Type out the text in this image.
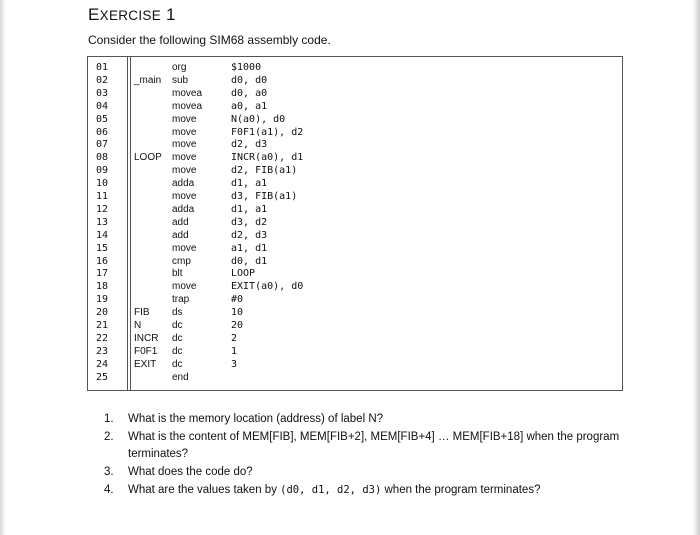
EXERCISE 1
Consider the following SIM68 assembly code.
01	org	$1000
02	_main sub	d0, d0
03	movea	d0, a0
04	movea	a0, a1
05	move	N(a0), d0
06	move	F0F1(a1), d2
07	move	d2, d3
08	LOOP move	INCR(a0), d1
09	move	d2, FIB(a1)
10	adda	d1, a1
11	move	d3, FIB(a1)
12	adda	d1, a1
13	add	d3, d2
14	add	d2, d3
15	move	a1, d1
16	cmp	d0, d1
17	blt	LOOP
18	move	EXIT(a0), d0
19	trap	#0
20	FIB ds	10
21	N	dc	20
22	INCR dc	2
23	F0F1 dc	1
24	EXIT dc	3
25	end
1. What is the memory location (address) of label N?
2. What is the content of MEM[FIB], MEM[FIB+2], MEM[FIB+4] … MEM[FIB+18] when the program terminates?
3. What does the code do?
4. What are the values taken by (d0, d1, d2, d3) when the program terminates?
